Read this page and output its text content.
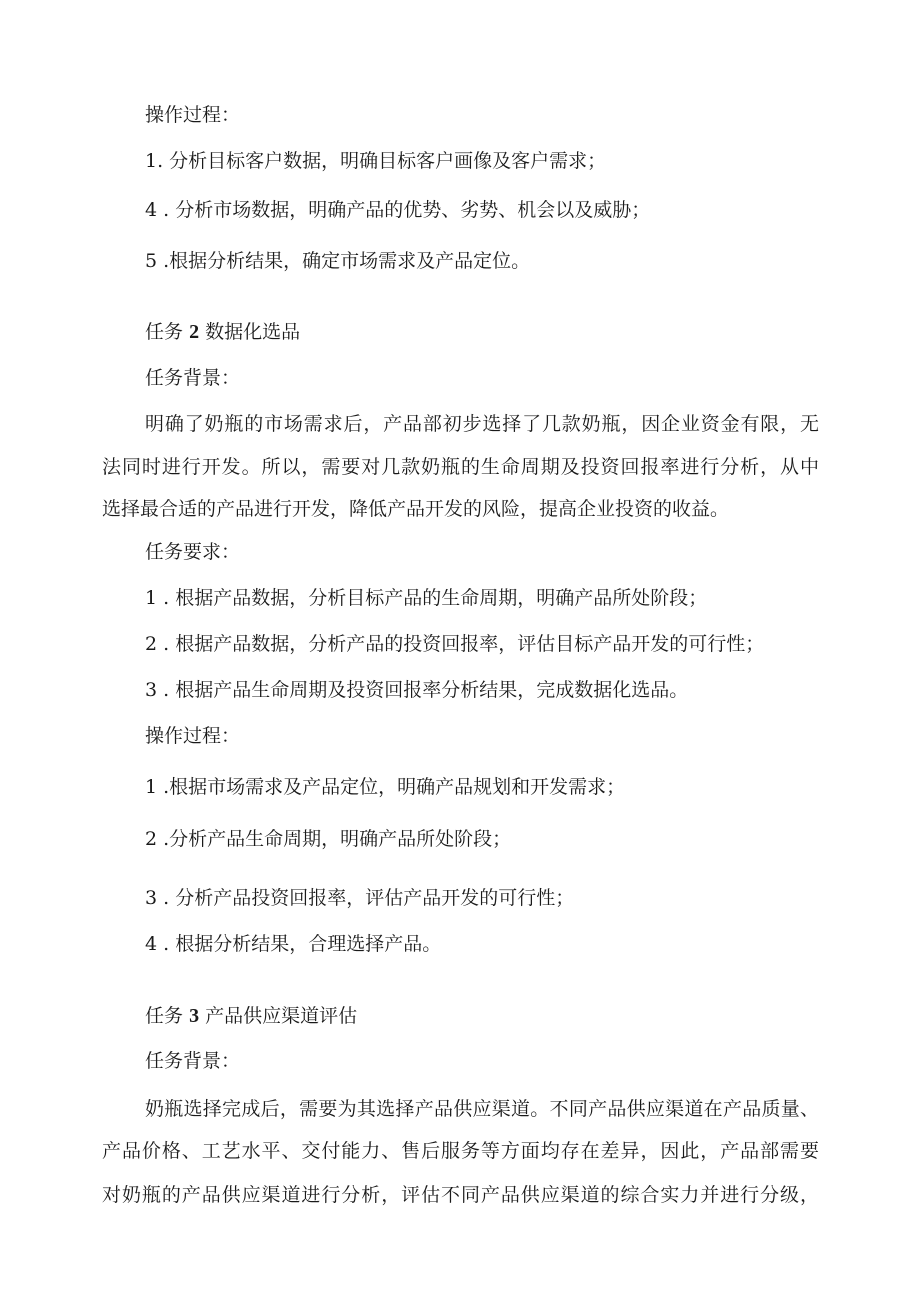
操作过程：
1. 分析目标客户数据，明确目标客户画像及客户需求；
4 . 分析市场数据，明确产品的优势、劣势、机会以及威胁；
5 .根据分析结果，确定市场需求及产品定位。
任务 2 数据化选品
任务背景：
明确了奶瓶的市场需求后，产品部初步选择了几款奶瓶，因企业资金有限，无
法同时进行开发。所以，需要对几款奶瓶的生命周期及投资回报率进行分析，从中
选择最合适的产品进行开发，降低产品开发的风险，提高企业投资的收益。
任务要求：
1 . 根据产品数据，分析目标产品的生命周期，明确产品所处阶段；
2 . 根据产品数据，分析产品的投资回报率，评估目标产品开发的可行性；
3 . 根据产品生命周期及投资回报率分析结果，完成数据化选品。
操作过程：
1 .根据市场需求及产品定位，明确产品规划和开发需求；
2 .分析产品生命周期，明确产品所处阶段；
3 . 分析产品投资回报率，评估产品开发的可行性；
4 . 根据分析结果，合理选择产品。
任务 3 产品供应渠道评估
任务背景：
奶瓶选择完成后，需要为其选择产品供应渠道。不同产品供应渠道在产品质量、
产品价格、工艺水平、交付能力、售后服务等方面均存在差异，因此，产品部需要
对奶瓶的产品供应渠道进行分析，评估不同产品供应渠道的综合实力并进行分级，
